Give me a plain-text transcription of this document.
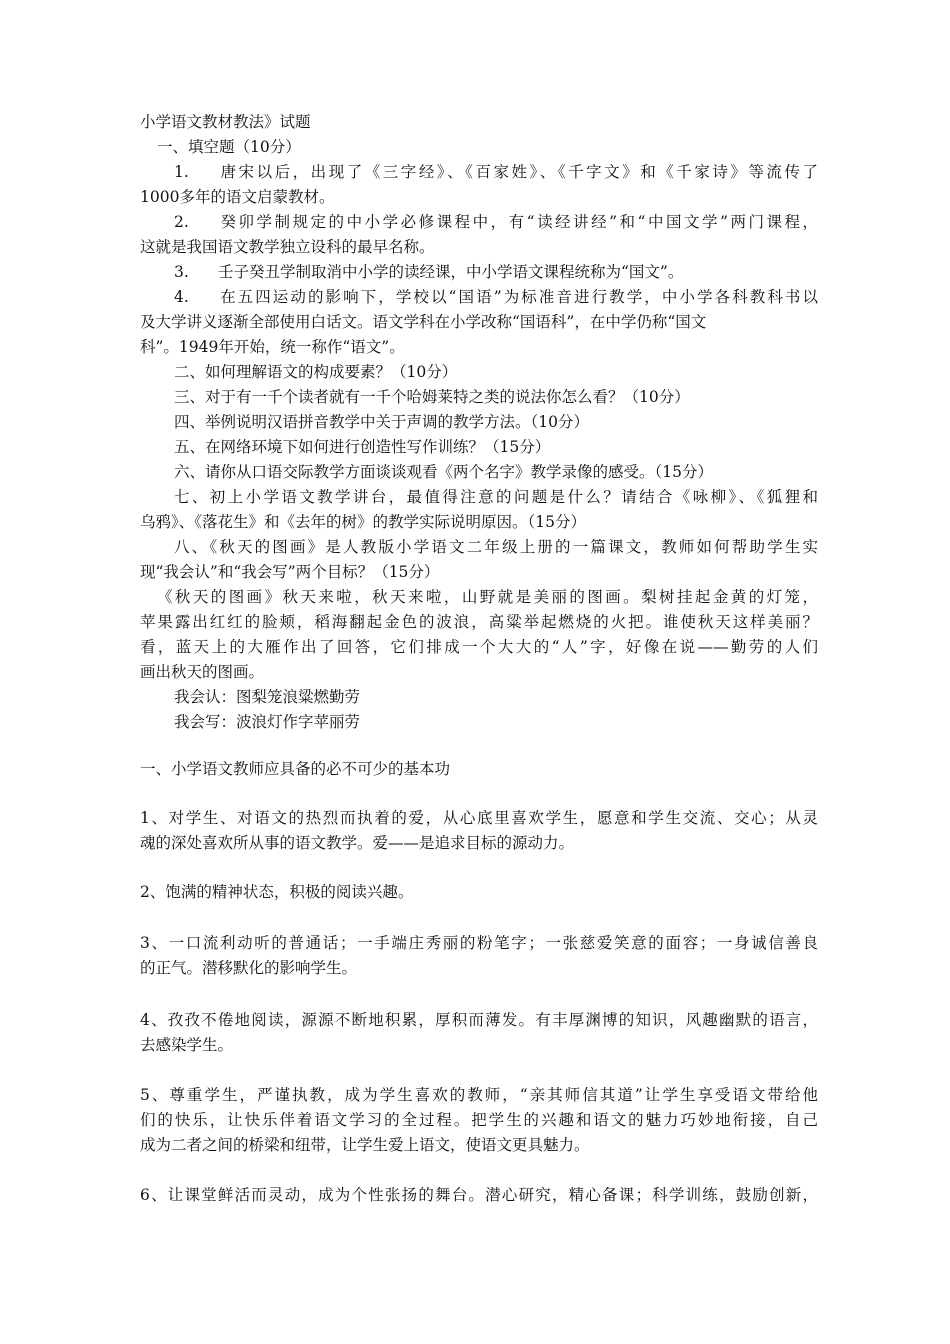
小学语文教材教法》试题
一、填空题（10分）
1. 唐宋以后，出现了《三字经》、《百家姓》、《千字文》和《千家诗》等流传了
1000多年的语文启蒙教材。
2. 癸卯学制规定的中小学必修课程中，有“读经讲经”和“中国文学”两门课程，
这就是我国语文教学独立设科的最早名称。
3. 壬子癸丑学制取消中小学的读经课，中小学语文课程统称为“国文”。
4. 在五四运动的影响下，学校以“国语”为标准音进行教学，中小学各科教科书以
及大学讲义逐渐全部使用白话文。语文学科在小学改称“国语科”，在中学仍称“国文
科”。1949年开始，统一称作“语文”。
二、如何理解语文的构成要素？（10分）
三、对于有一千个读者就有一千个哈姆莱特之类的说法你怎么看？（10分）
四、举例说明汉语拼音教学中关于声调的教学方法。（10分）
五、在网络环境下如何进行创造性写作训练？（15分）
六、请你从口语交际教学方面谈谈观看《两个名字》教学录像的感受。（15分）
七、初上小学语文教学讲台，最值得注意的问题是什么？请结合《咏柳》、《狐狸和
乌鸦》、《落花生》和《去年的树》的教学实际说明原因。（15分）
八、《秋天的图画》是人教版小学语文二年级上册的一篇课文，教师如何帮助学生实
现“我会认”和“我会写”两个目标？（15分）
《秋天的图画》秋天来啦，秋天来啦，山野就是美丽的图画。梨树挂起金黄的灯笼，
苹果露出红红的脸颊，稻海翻起金色的波浪，高粱举起燃烧的火把。谁使秋天这样美丽？
看，蓝天上的大雁作出了回答，它们排成一个大大的“人”字，好像在说——勤劳的人们
画出秋天的图画。
我会认：图梨笼浪粱燃勤劳
我会写：波浪灯作字苹丽劳
一、小学语文教师应具备的必不可少的基本功
1、对学生、对语文的热烈而执着的爱，从心底里喜欢学生，愿意和学生交流、交心；从灵
魂的深处喜欢所从事的语文教学。爱——是追求目标的源动力。
2、饱满的精神状态，积极的阅读兴趣。
3、一口流利动听的普通话；一手端庄秀丽的粉笔字；一张慈爱笑意的面容；一身诚信善良
的正气。潜移默化的影响学生。
4、孜孜不倦地阅读，源源不断地积累，厚积而薄发。有丰厚渊博的知识，风趣幽默的语言，
去感染学生。
5、尊重学生，严谨执教，成为学生喜欢的教师，“亲其师信其道”让学生享受语文带给他
们的快乐，让快乐伴着语文学习的全过程。把学生的兴趣和语文的魅力巧妙地衔接，自己
成为二者之间的桥梁和纽带，让学生爱上语文，使语文更具魅力。
6、让课堂鲜活而灵动，成为个性张扬的舞台。潜心研究，精心备课；科学训练，鼓励创新，
